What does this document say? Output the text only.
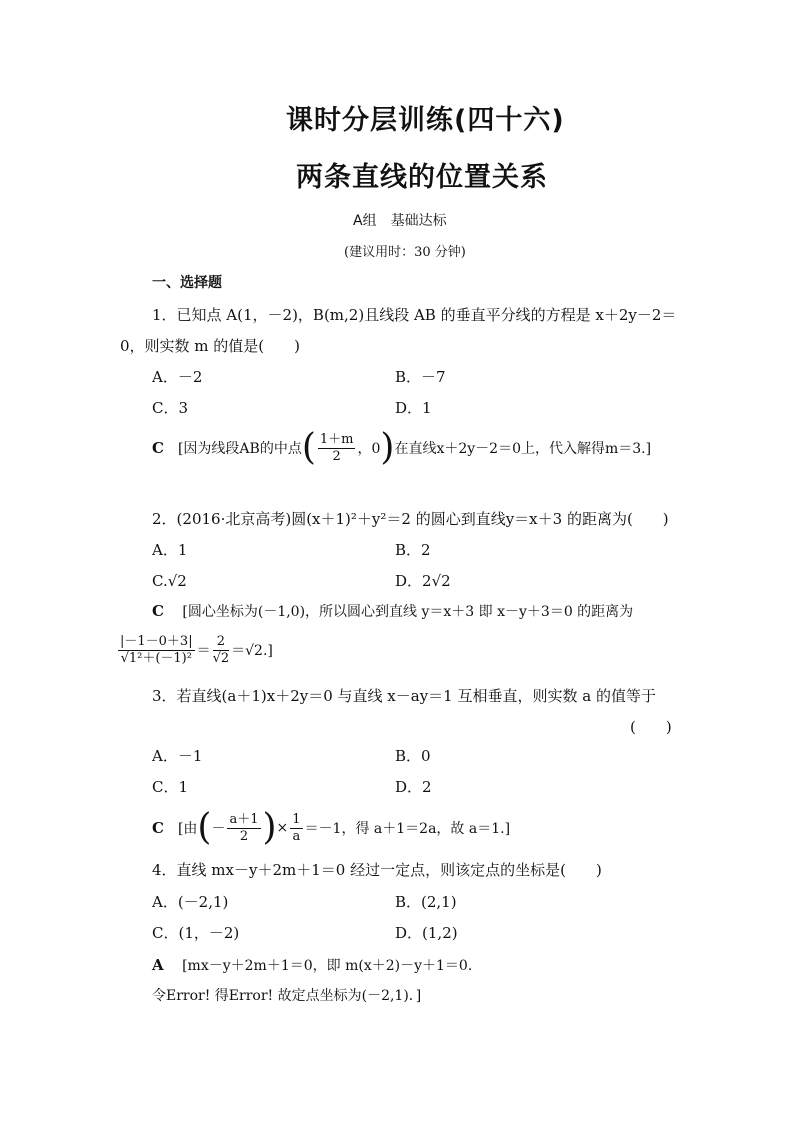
课时分层训练(四十六)
两条直线的位置关系
A组　基础达标
(建议用时：30 分钟)
一、选择题
1．已知点 A(1，－2)，B(m,2)且线段 AB 的垂直平分线的方程是 x＋2y－2＝
0，则实数 m 的值是(　　)
A．－2	B．－7
C．3	D．1
C [因为线段AB的中点 ( $\frac{1+m}{2}$ ，0 ) 在直线x＋2y－2＝0上，代入解得m＝3.]
2．(2016·北京高考)圆(x＋1)²＋y²＝2 的圆心到直线y＝x＋3 的距离为(　　)
A．1	B．2
C.√2	D．2√2
C [圆心坐标为(－1,0)，所以圆心到直线 y＝x＋3 即 x－y＋3＝0 的距离为
$\frac{|-1-0+3|}{\text{√1²＋(－1)²}} = \frac{2}{√2} =√2$.]
3．若直线(a＋1)x＋2y＝0 与直线 x－ay＝1 互相垂直，则实数 a 的值等于
(　　)
A．－1	B．0
C．1	D．2
C [由 ( － $\frac{a+1}{2}$ ) × $\frac{1}{a} =-1$，得 a＋1＝2a，故 a＝1.]
4．直线 mx－y＋2m＋1＝0 经过一定点，则该定点的坐标是(　　)
A．(－2,1)	B．(2,1)
C．(1，－2)	D．(1,2)
A [mx－y＋2m＋1＝0，即 m(x＋2)－y＋1＝0.
令Error! 得Error! 故定点坐标为(－2,1)．]
